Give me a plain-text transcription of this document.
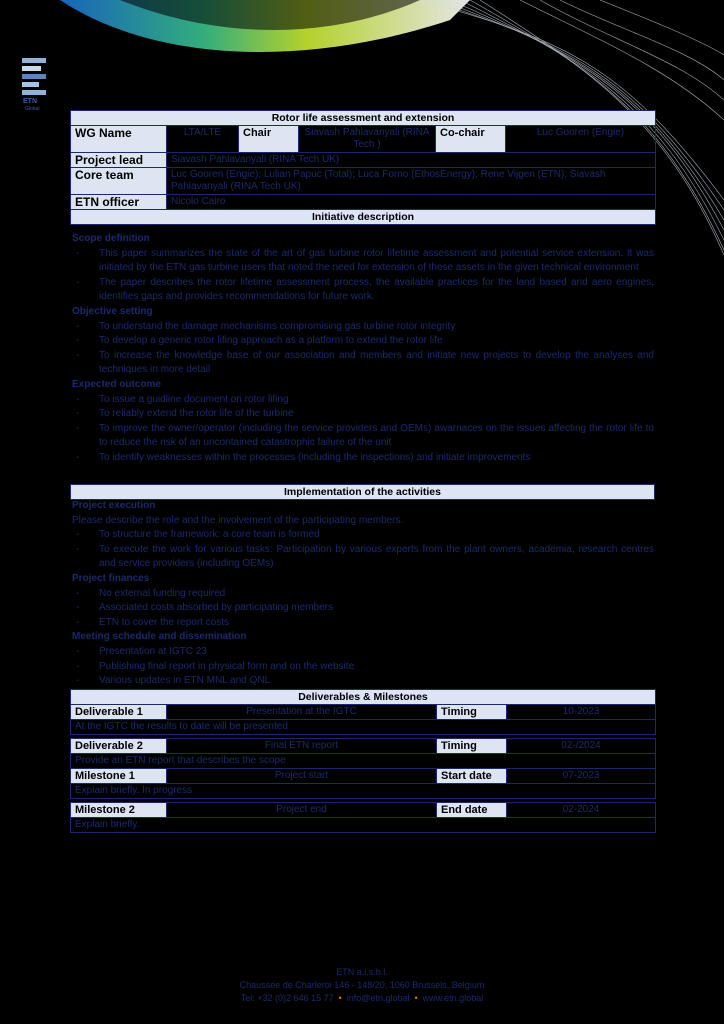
ETN
Global
Rotor life assessment and extension					
WG Name	LTA/LTE	Chair	Siavash Pahlavanyali (RINA Tech )	Co-chair	Luc Gooren (Engie)
Project lead	Siavash Pahlavanyali (RINA Tech UK)				
Core team	Luc Gooren (Engie); Lulian Papuc (Total); Luca Forno (EthosEnergy); Rene Vijgen (ETN); Siavash Pahlavanyali (RINA Tech UK)				
ETN officer	Nicolo Cairo				
Initiative description					
Scope definition
- This paper summarizes the state of the art of gas turbine rotor lifetime assessment and potential service extension. It was initiated by the ETN gas turbine users that noted the need for extension of these assets in the given technical environment
- The paper describes the rotor lifetime assessment process, the available practices for the land based and aero engines, identifies gaps and provides recommendations for future work.
Objective setting
- To understand the damage mechanisms compromising gas turbine rotor integrity
- To develop a generic rotor lifing approach as a platform to extend the rotor life
- To increase the knowledge base of our association and members and initiate new projects to develop the analyses and techniques in more detail
Expected outcome
- To issue a guidline document on rotor lifing
- To reliably extend the rotor life of the turbine
- To improve the owner/operator (including the service providers and OEMs) awarnaces on the issues affecting the rotor life to to reduce the risk of an uncontained catastrophic failure of the unit
- To identify weaknesses within the processes (including the inspections) and initiate improvements
Implementation of the activities
Project execution
Please describe the role and the involvement of the participating members.
- To structure the framework: a core team is formed
- To execute the work for various tasks: Participation by various experts from the plant owners, academia, research centres and service providers (including OEMs)
Project finances
- No external funding required
- Associated costs absorbed by participating members
- ETN to cover the report costs
Meeting schedule and dissemination
- Presentation at IGTC 23
- Publishing final report in physical form and on the website
- Various updates in ETN MNL and QNL
Deliverables & Milestones			
Deliverable 1	Presentation at the IGTC	Timing	10-2023
At the IGTC the results to date will be presented			

Deliverable 2	Final ETN report	Timing	02-/2024
Provide an ETN report that describes the scope			
Milestone 1	Project start	Start date	07-2023
Explain briefly. In progress			

Milestone 2	Project end	End date	02-2024
Explain briefly.			
ETN a.i.s.b.l.
Chaussée de Charleroi 146 - 148/20, 1060 Brussels, Belgium
Tel: +32 (0)2 646 15 77  •  info@etn.global  •  www.etn.global
